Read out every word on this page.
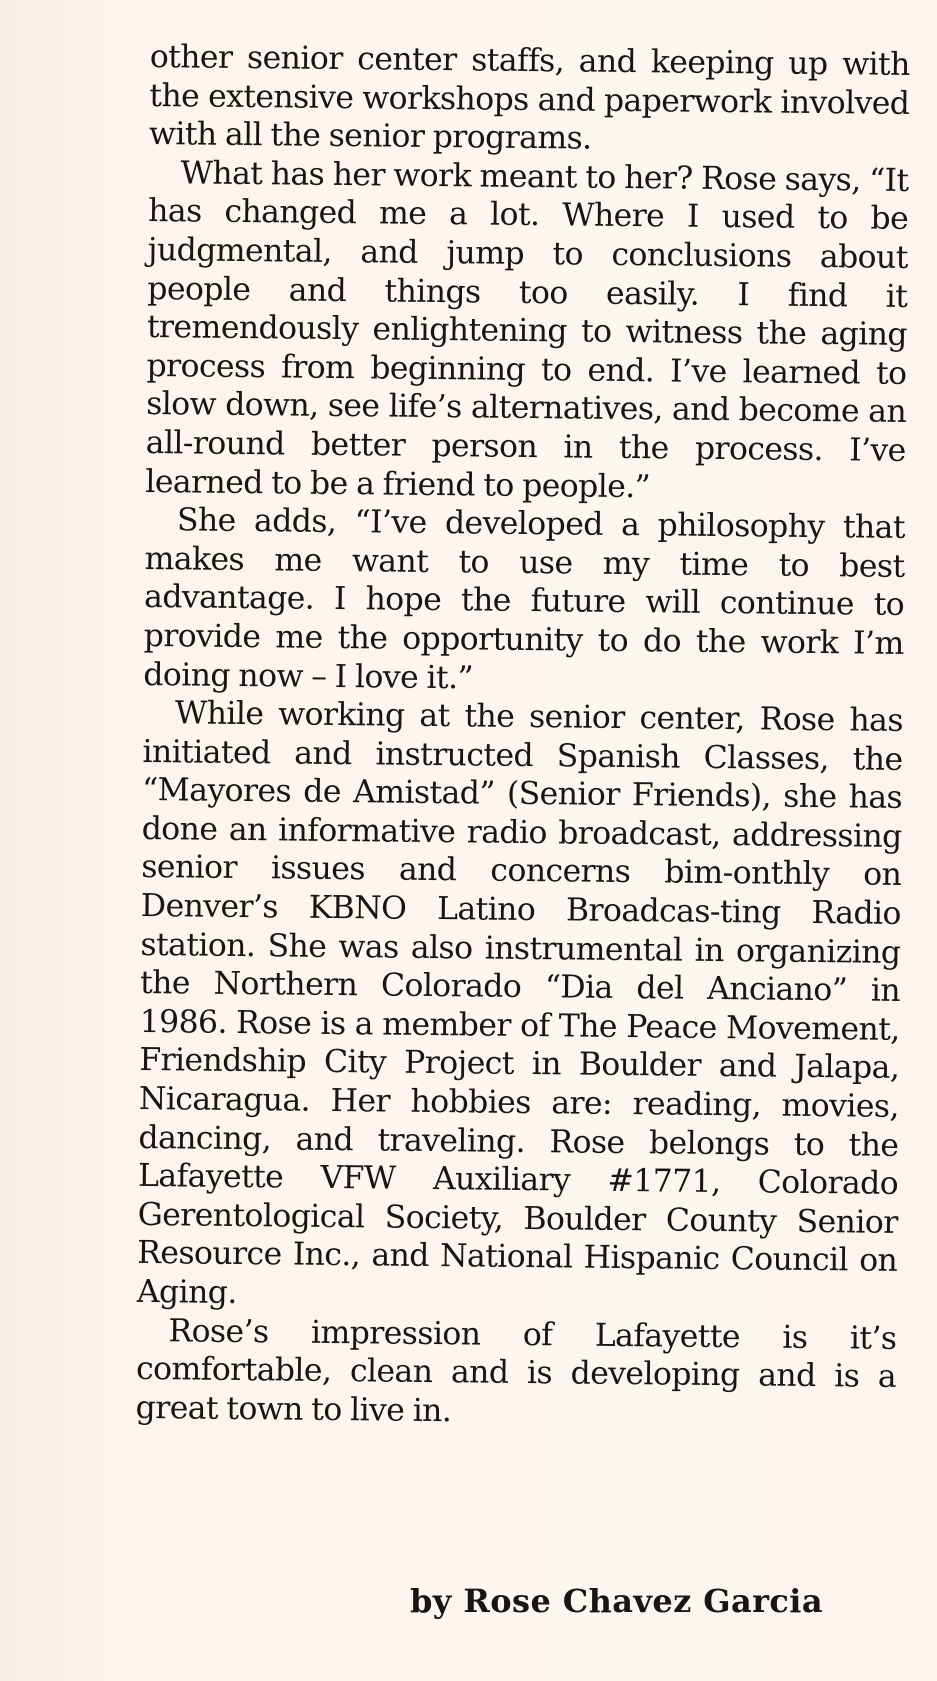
other senior center staffs, and keeping up with the extensive workshops and paperwork involved with all the senior programs.

What has her work meant to her? Rose says, “It has changed me a lot. Where I used to be judgmental, and jump to conclusions about people and things too easily. I find it tremendously enlightening to witness the aging process from beginning to end. I’ve learned to slow down, see life’s alternatives, and become an all-round better person in the process. I’ve learned to be a friend to people.”

She adds, “I’ve developed a philosophy that makes me want to use my time to best advantage. I hope the future will continue to provide me the opportunity to do the work I’m doing now – I love it.”

While working at the senior center, Rose has initiated and instructed Spanish Classes, the “Mayores de Amistad” (Senior Friends), she has done an informative radio broadcast, addressing senior issues and concerns bim-onthly on Denver’s KBNO Latino Broadcas-ting Radio station. She was also instrumental in organizing the Northern Colorado “Dia del Anciano” in 1986. Rose is a member of The Peace Movement, Friendship City Project in Boulder and Jalapa, Nicaragua. Her hobbies are: reading, movies, dancing, and traveling. Rose belongs to the Lafayette VFW Auxiliary #1771, Colorado Gerentological Society, Boulder County Senior Resource Inc., and National Hispanic Council on Aging.

Rose’s impression of Lafayette is it’s comfortable, clean and is developing and is a great town to live in.

by Rose Chavez Garcia
